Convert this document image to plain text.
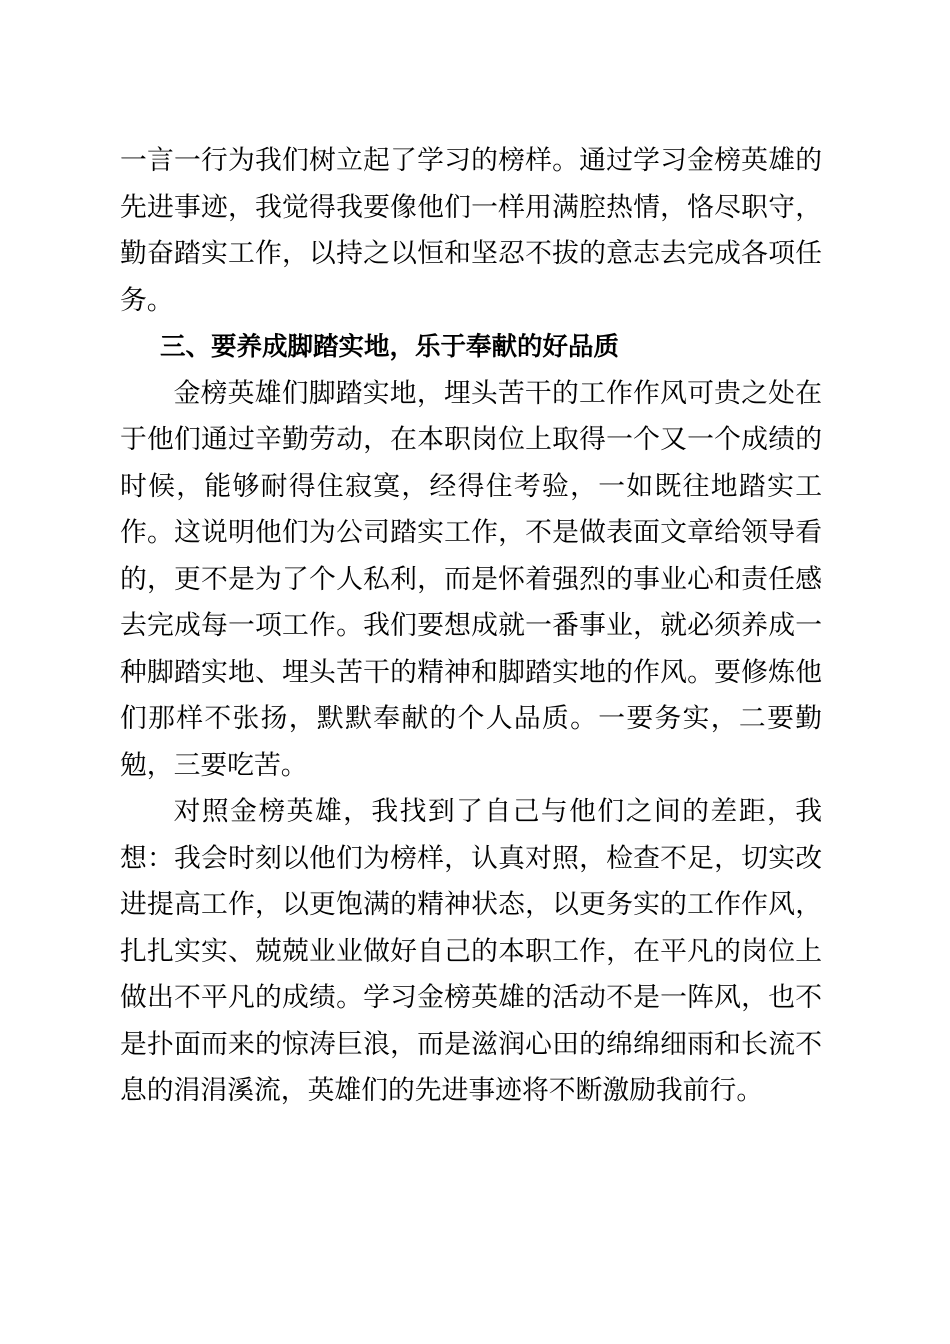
一言一行为我们树立起了学习的榜样。通过学习金榜英雄的先进事迹，我觉得我要像他们一样用满腔热情，恪尽职守，勤奋踏实工作，以持之以恒和坚忍不拔的意志去完成各项任务。

三、要养成脚踏实地，乐于奉献的好品质

金榜英雄们脚踏实地，埋头苦干的工作作风可贵之处在于他们通过辛勤劳动，在本职岗位上取得一个又一个成绩的时候，能够耐得住寂寞，经得住考验，一如既往地踏实工作。这说明他们为公司踏实工作，不是做表面文章给领导看的，更不是为了个人私利，而是怀着强烈的事业心和责任感去完成每一项工作。我们要想成就一番事业，就必须养成一种脚踏实地、埋头苦干的精神和脚踏实地的作风。要修炼他们那样不张扬，默默奉献的个人品质。一要务实，二要勤勉，三要吃苦。

对照金榜英雄，我找到了自己与他们之间的差距，我想：我会时刻以他们为榜样，认真对照，检查不足，切实改进提高工作，以更饱满的精神状态，以更务实的工作作风，扎扎实实、兢兢业业做好自己的本职工作，在平凡的岗位上做出不平凡的成绩。学习金榜英雄的活动不是一阵风，也不是扑面而来的惊涛巨浪，而是滋润心田的绵绵细雨和长流不息的涓涓溪流，英雄们的先进事迹将不断激励我前行。
